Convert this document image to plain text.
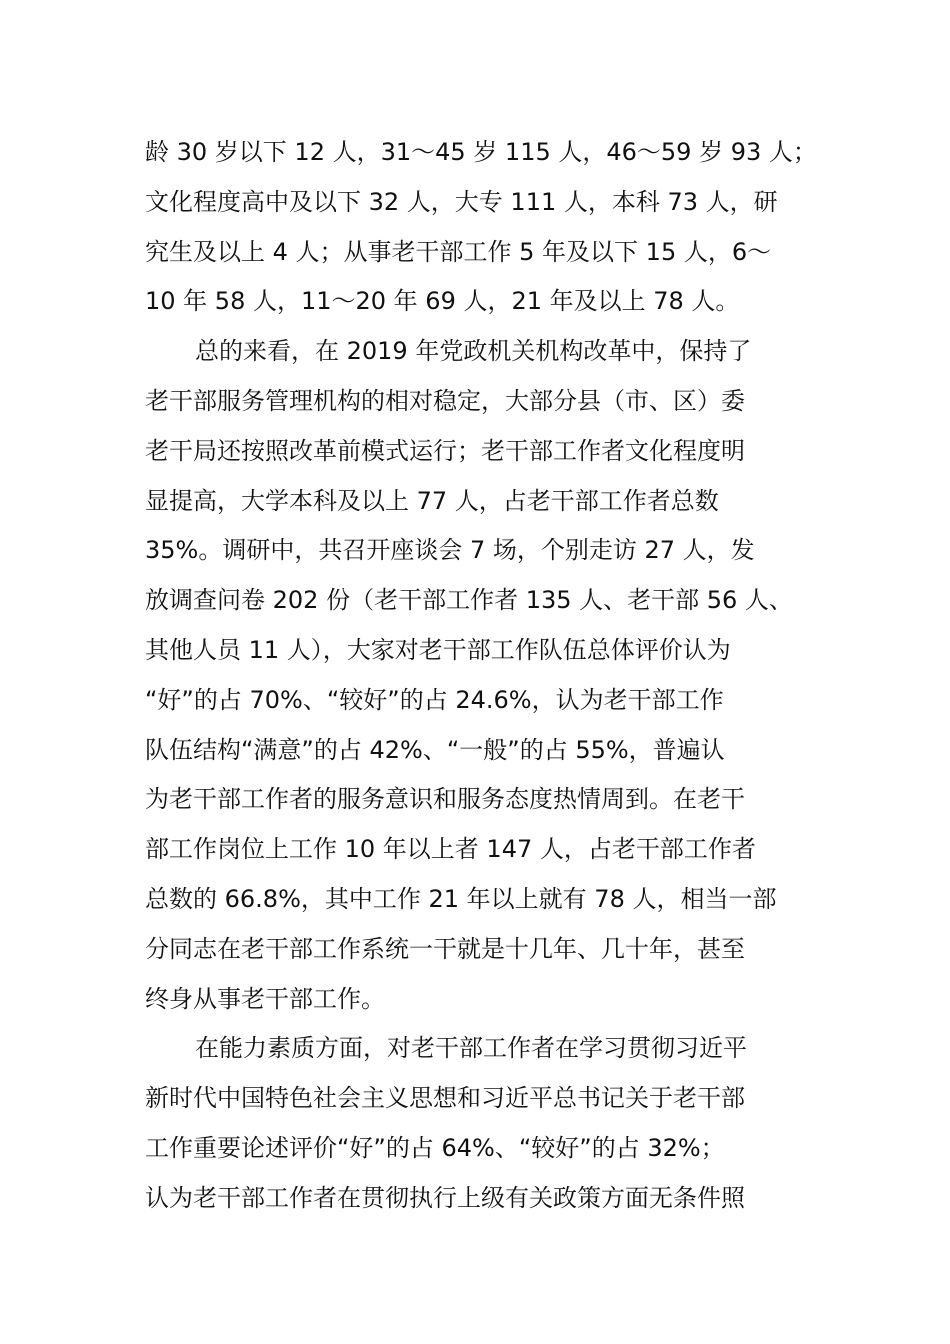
龄 30 岁以下 12 人，31～45 岁 115 人，46～59 岁 93 人；
文化程度高中及以下 32 人，大专 111 人，本科 73 人，研
究生及以上 4 人；从事老干部工作 5 年及以下 15 人，6～
10 年 58 人，11～20 年 69 人，21 年及以上 78 人。
总的来看，在 2019 年党政机关机构改革中，保持了
老干部服务管理机构的相对稳定，大部分县（市、区）委
老干局还按照改革前模式运行；老干部工作者文化程度明
显提高，大学本科及以上 77 人，占老干部工作者总数
35%。调研中，共召开座谈会 7 场，个别走访 27 人，发
放调查问卷 202 份（老干部工作者 135 人、老干部 56 人、
其他人员 11 人），大家对老干部工作队伍总体评价认为
“好”的占 70%、“较好”的占 24.6%，认为老干部工作
队伍结构“满意”的占 42%、“一般”的占 55%，普遍认
为老干部工作者的服务意识和服务态度热情周到。在老干
部工作岗位上工作 10 年以上者 147 人，占老干部工作者
总数的 66.8%，其中工作 21 年以上就有 78 人，相当一部
分同志在老干部工作系统一干就是十几年、几十年，甚至
终身从事老干部工作。
在能力素质方面，对老干部工作者在学习贯彻习近平
新时代中国特色社会主义思想和习近平总书记关于老干部
工作重要论述评价“好”的占 64%、“较好”的占 32%；
认为老干部工作者在贯彻执行上级有关政策方面无条件照
